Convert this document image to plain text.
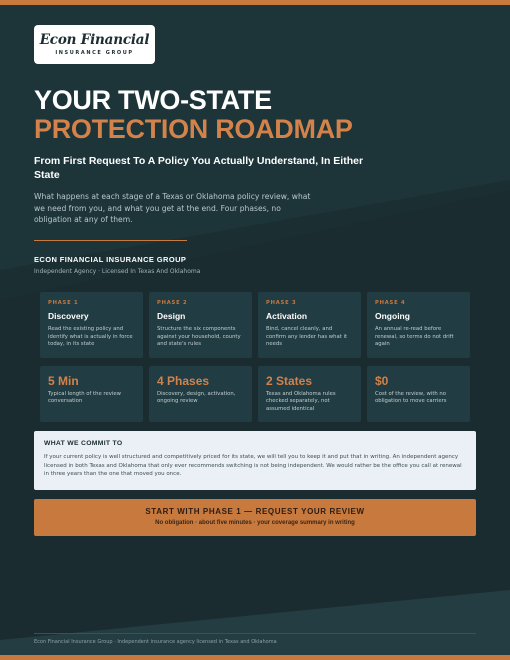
Econ Financial
INSURANCE GROUP
YOUR TWO-STATE
PROTECTION ROADMAP
From First Request To A Policy You Actually Understand, In Either State
What happens at each stage of a Texas or Oklahoma policy review, what we need from you, and what you get at the end. Four phases, no obligation at any of them.
ECON FINANCIAL INSURANCE GROUP
Independent Agency · Licensed In Texas And Oklahoma
PHASE 1
Discovery
Read the existing policy and identify what is actually in force today, in its state
PHASE 2
Design
Structure the six components against your household, county and state's rules
PHASE 3
Activation
Bind, cancel cleanly, and confirm any lender has what it needs
PHASE 4
Ongoing
An annual re-read before renewal, so terms do not drift again
5 Min
Typical length of the review conversation
4 Phases
Discovery, design, activation, ongoing review
2 States
Texas and Oklahoma rules checked separately, not assumed identical
$0
Cost of the review, with no obligation to move carriers
WHAT WE COMMIT TO
If your current policy is well structured and competitively priced for its state, we will tell you to keep it and put that in writing. An independent agency licensed in both Texas and Oklahoma that only ever recommends switching is not being independent. We would rather be the office you call at renewal in three years than the one that moved you once.
START WITH PHASE 1 — REQUEST YOUR REVIEW
No obligation · about five minutes · your coverage summary in writing
Econ Financial Insurance Group · Independent insurance agency licensed in Texas and Oklahoma
